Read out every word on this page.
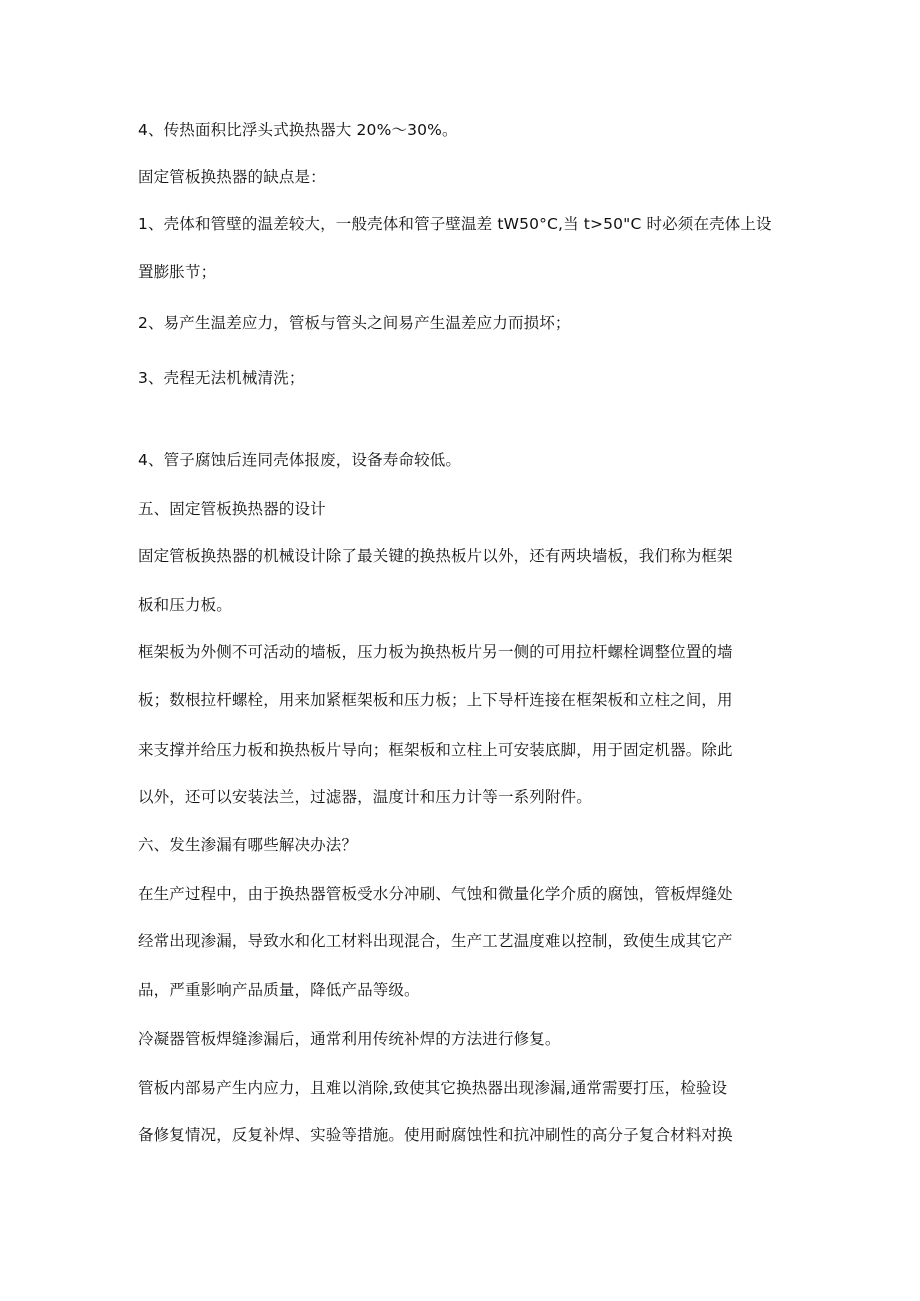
4、传热面积比浮头式换热器大 20%～30%。
固定管板换热器的缺点是：
1、壳体和管壁的温差较大，一般壳体和管子壁温差 tW50°C,当 t>50"C 时必须在壳体上设
置膨胀节；
2、易产生温差应力，管板与管头之间易产生温差应力而损坏；
3、壳程无法机械清洗；
4、管子腐蚀后连同壳体报废，设备寿命较低。
五、固定管板换热器的设计
固定管板换热器的机械设计除了最关键的换热板片以外，还有两块墙板，我们称为框架
板和压力板。
框架板为外侧不可活动的墙板，压力板为换热板片另一侧的可用拉杆螺栓调整位置的墙
板；数根拉杆螺栓，用来加紧框架板和压力板；上下导杆连接在框架板和立柱之间，用
来支撑并给压力板和换热板片导向；框架板和立柱上可安装底脚，用于固定机器。除此
以外，还可以安装法兰，过滤器，温度计和压力计等一系列附件。
六、发生渗漏有哪些解决办法？
在生产过程中，由于换热器管板受水分冲刷、气蚀和微量化学介质的腐蚀，管板焊缝处
经常出现渗漏，导致水和化工材料出现混合，生产工艺温度难以控制，致使生成其它产
品，严重影响产品质量，降低产品等级。
冷凝器管板焊缝渗漏后，通常利用传统补焊的方法进行修复。
管板内部易产生内应力，且难以消除,致使其它换热器出现渗漏,通常需要打压，检验设
备修复情况，反复补焊、实验等措施。使用耐腐蚀性和抗冲刷性的高分子复合材料对换
